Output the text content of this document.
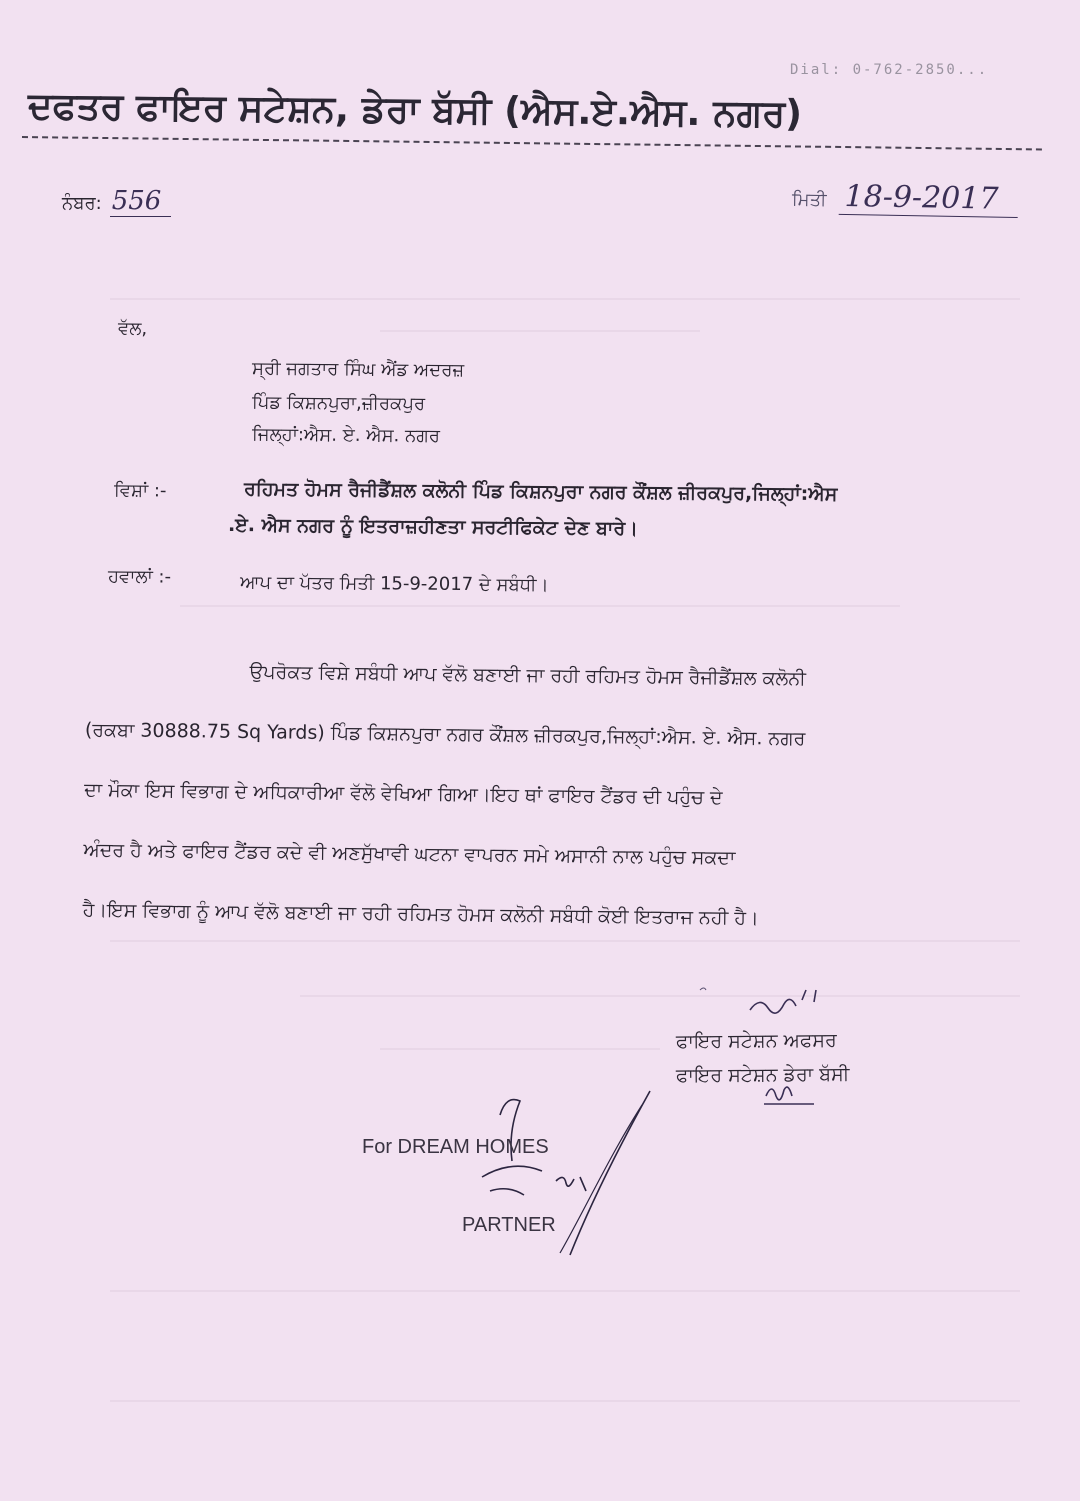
Dial: 0-762-2850...
ਦਫਤਰ ਫਾਇਰ ਸਟੇਸ਼ਨ, ਡੇਰਾ ਬੱਸੀ (ਐਸ.ਏ.ਐਸ. ਨਗਰ)
ਨੰਬਰ: 556	ਮਿਤੀ 18-9-2017
ਵੱਲ,
ਸ੍ਰੀ ਜਗਤਾਰ ਸਿੰਘ ਐਂਡ ਅਦਰਜ਼
ਪਿੰਡ ਕਿਸ਼ਨਪੁਰਾ,ਜ਼ੀਰਕਪੁਰ
ਜਿਲ੍ਹਾਂ:ਐਸ. ਏ. ਐਸ. ਨਗਰ
ਵਿਸ਼ਾਂ :-	ਰਹਿਮਤ ਹੋਮਸ ਰੈਜੀਡੈਂਸ਼ਲ ਕਲੋਨੀ ਪਿੰਡ ਕਿਸ਼ਨਪੁਰਾ ਨਗਰ ਕੌਂਸ਼ਲ ਜ਼ੀਰਕਪੁਰ,ਜਿਲ੍ਹਾਂ:ਐਸ
.ਏ. ਐਸ ਨਗਰ ਨੂੰ ਇਤਰਾਜ਼ਹੀਣਤਾ ਸਰਟੀਫਿਕੇਟ ਦੇਣ ਬਾਰੇ।
ਹਵਾਲਾਂ :-	ਆਪ ਦਾ ਪੱਤਰ ਮਿਤੀ 15-9-2017 ਦੇ ਸਬੰਧੀ।
ਉਪਰੋਕਤ ਵਿਸ਼ੇ ਸਬੰਧੀ ਆਪ ਵੱਲੋ ਬਣਾਈ ਜਾ ਰਹੀ ਰਹਿਮਤ ਹੋਮਸ ਰੈਜੀਡੈਂਸ਼ਲ ਕਲੋਨੀ
(ਰਕਬਾ 30888.75 Sq Yards) ਪਿੰਡ ਕਿਸ਼ਨਪੁਰਾ ਨਗਰ ਕੌਂਸ਼ਲ ਜ਼ੀਰਕਪੁਰ,ਜਿਲ੍ਹਾਂ:ਐਸ. ਏ. ਐਸ. ਨਗਰ
ਦਾ ਮੌਕਾ ਇਸ ਵਿਭਾਗ ਦੇ ਅਧਿਕਾਰੀਆ ਵੱਲੋ ਵੇਖਿਆ ਗਿਆ।ਇਹ ਥਾਂ ਫਾਇਰ ਟੈਂਡਰ ਦੀ ਪਹੁੰਚ ਦੇ
ਅੰਦਰ ਹੈ ਅਤੇ ਫਾਇਰ ਟੈਂਡਰ ਕਦੇ ਵੀ ਅਣਸੁੱਖਾਵੀ ਘਟਨਾ ਵਾਪਰਨ ਸਮੇ ਅਸਾਨੀ ਨਾਲ ਪਹੁੰਚ ਸਕਦਾ
ਹੈ।ਇਸ ਵਿਭਾਗ ਨੂੰ ਆਪ ਵੱਲੋ ਬਣਾਈ ਜਾ ਰਹੀ ਰਹਿਮਤ ਹੋਮਸ ਕਲੋਨੀ ਸਬੰਧੀ ਕੋਈ ਇਤਰਾਜ ਨਹੀ ਹੈ।
ਫਾਇਰ ਸਟੇਸ਼ਨ ਅਫਸਰ
ਫਾਇਰ ਸਟੇਸ਼ਨ ਡੇਰਾ ਬੱਸੀ
For DREAM HOMES
PARTNER
